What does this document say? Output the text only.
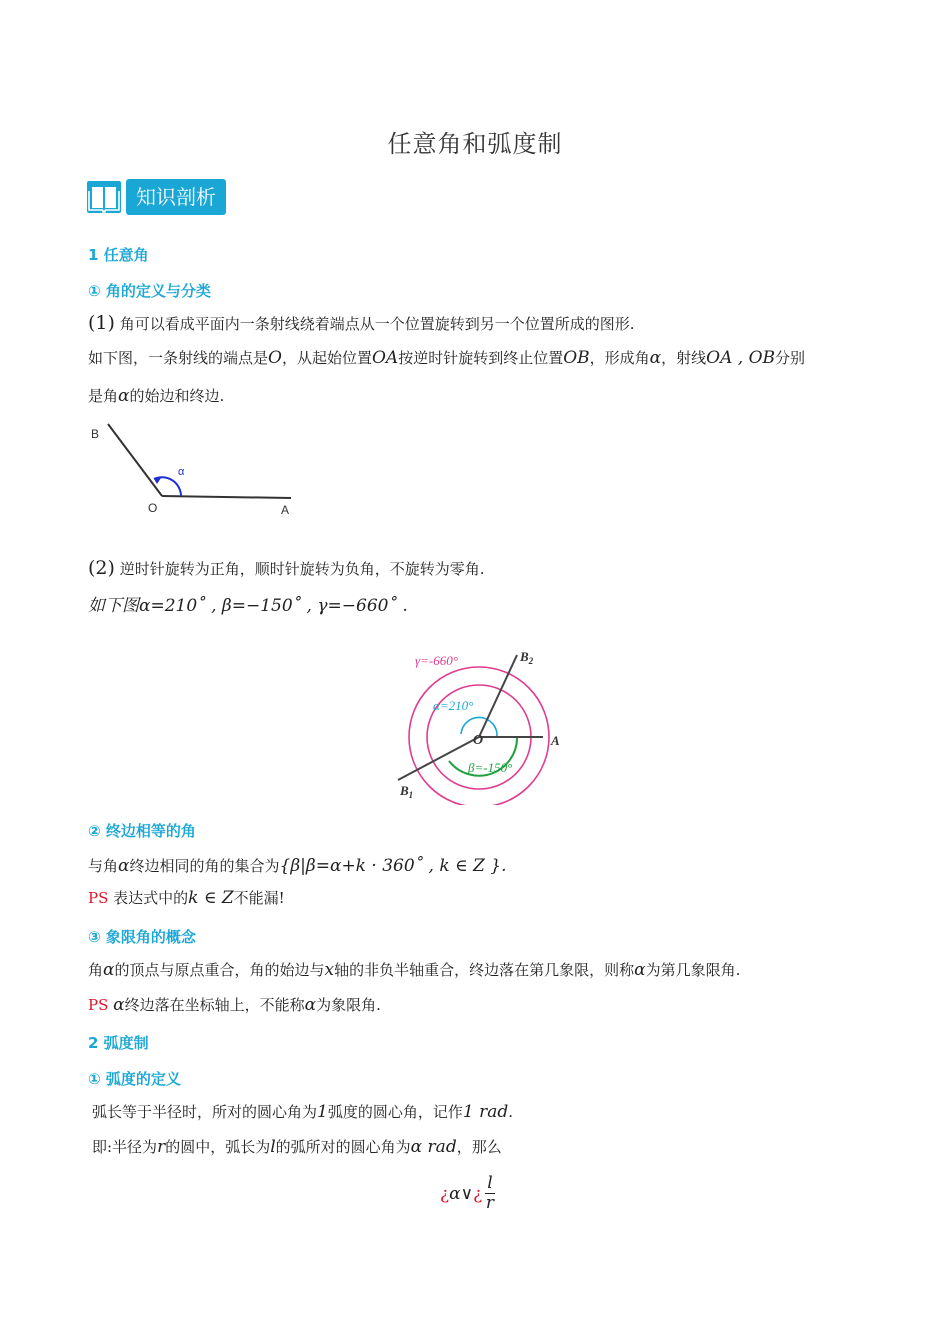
任意角和弧度制
知识剖析
1 任意角
① 角的定义与分类
(1) 角可以看成平面内一条射线绕着端点从一个位置旋转到另一个位置所成的图形.
如下图，一条射线的端点是O，从起始位置OA按逆时针旋转到终止位置OB，形成角α，射线OA , OB分别
是角α的始边和终边.
B
α
O	A
(2) 逆时针旋转为正角，顺时针旋转为负角，不旋转为零角.
如下图α=210˚ , β=−150˚ , γ=−660˚ .
γ=-660°
α=210°
β=-150°
O	A
$B_2$
$B_1$
② 终边相等的角
与角α终边相同的角的集合为{β|β=α+k · 360˚ , k ∈ Z }.
PS 表达式中的k ∈ Z不能漏!
③ 象限角的概念
角α的顶点与原点重合，角的始边与x轴的非负半轴重合，终边落在第几象限，则称α为第几象限角.
PS α终边落在坐标轴上，不能称α为象限角.
2 弧度制
① 弧度的定义
弧长等于半径时，所对的圆心角为1弧度的圆心角，记作1 rad.
即:半径为r的圆中，弧长为l的弧所对的圆心角为α rad，那么
¿ α∨ ¿ $\frac{l}{r}$
